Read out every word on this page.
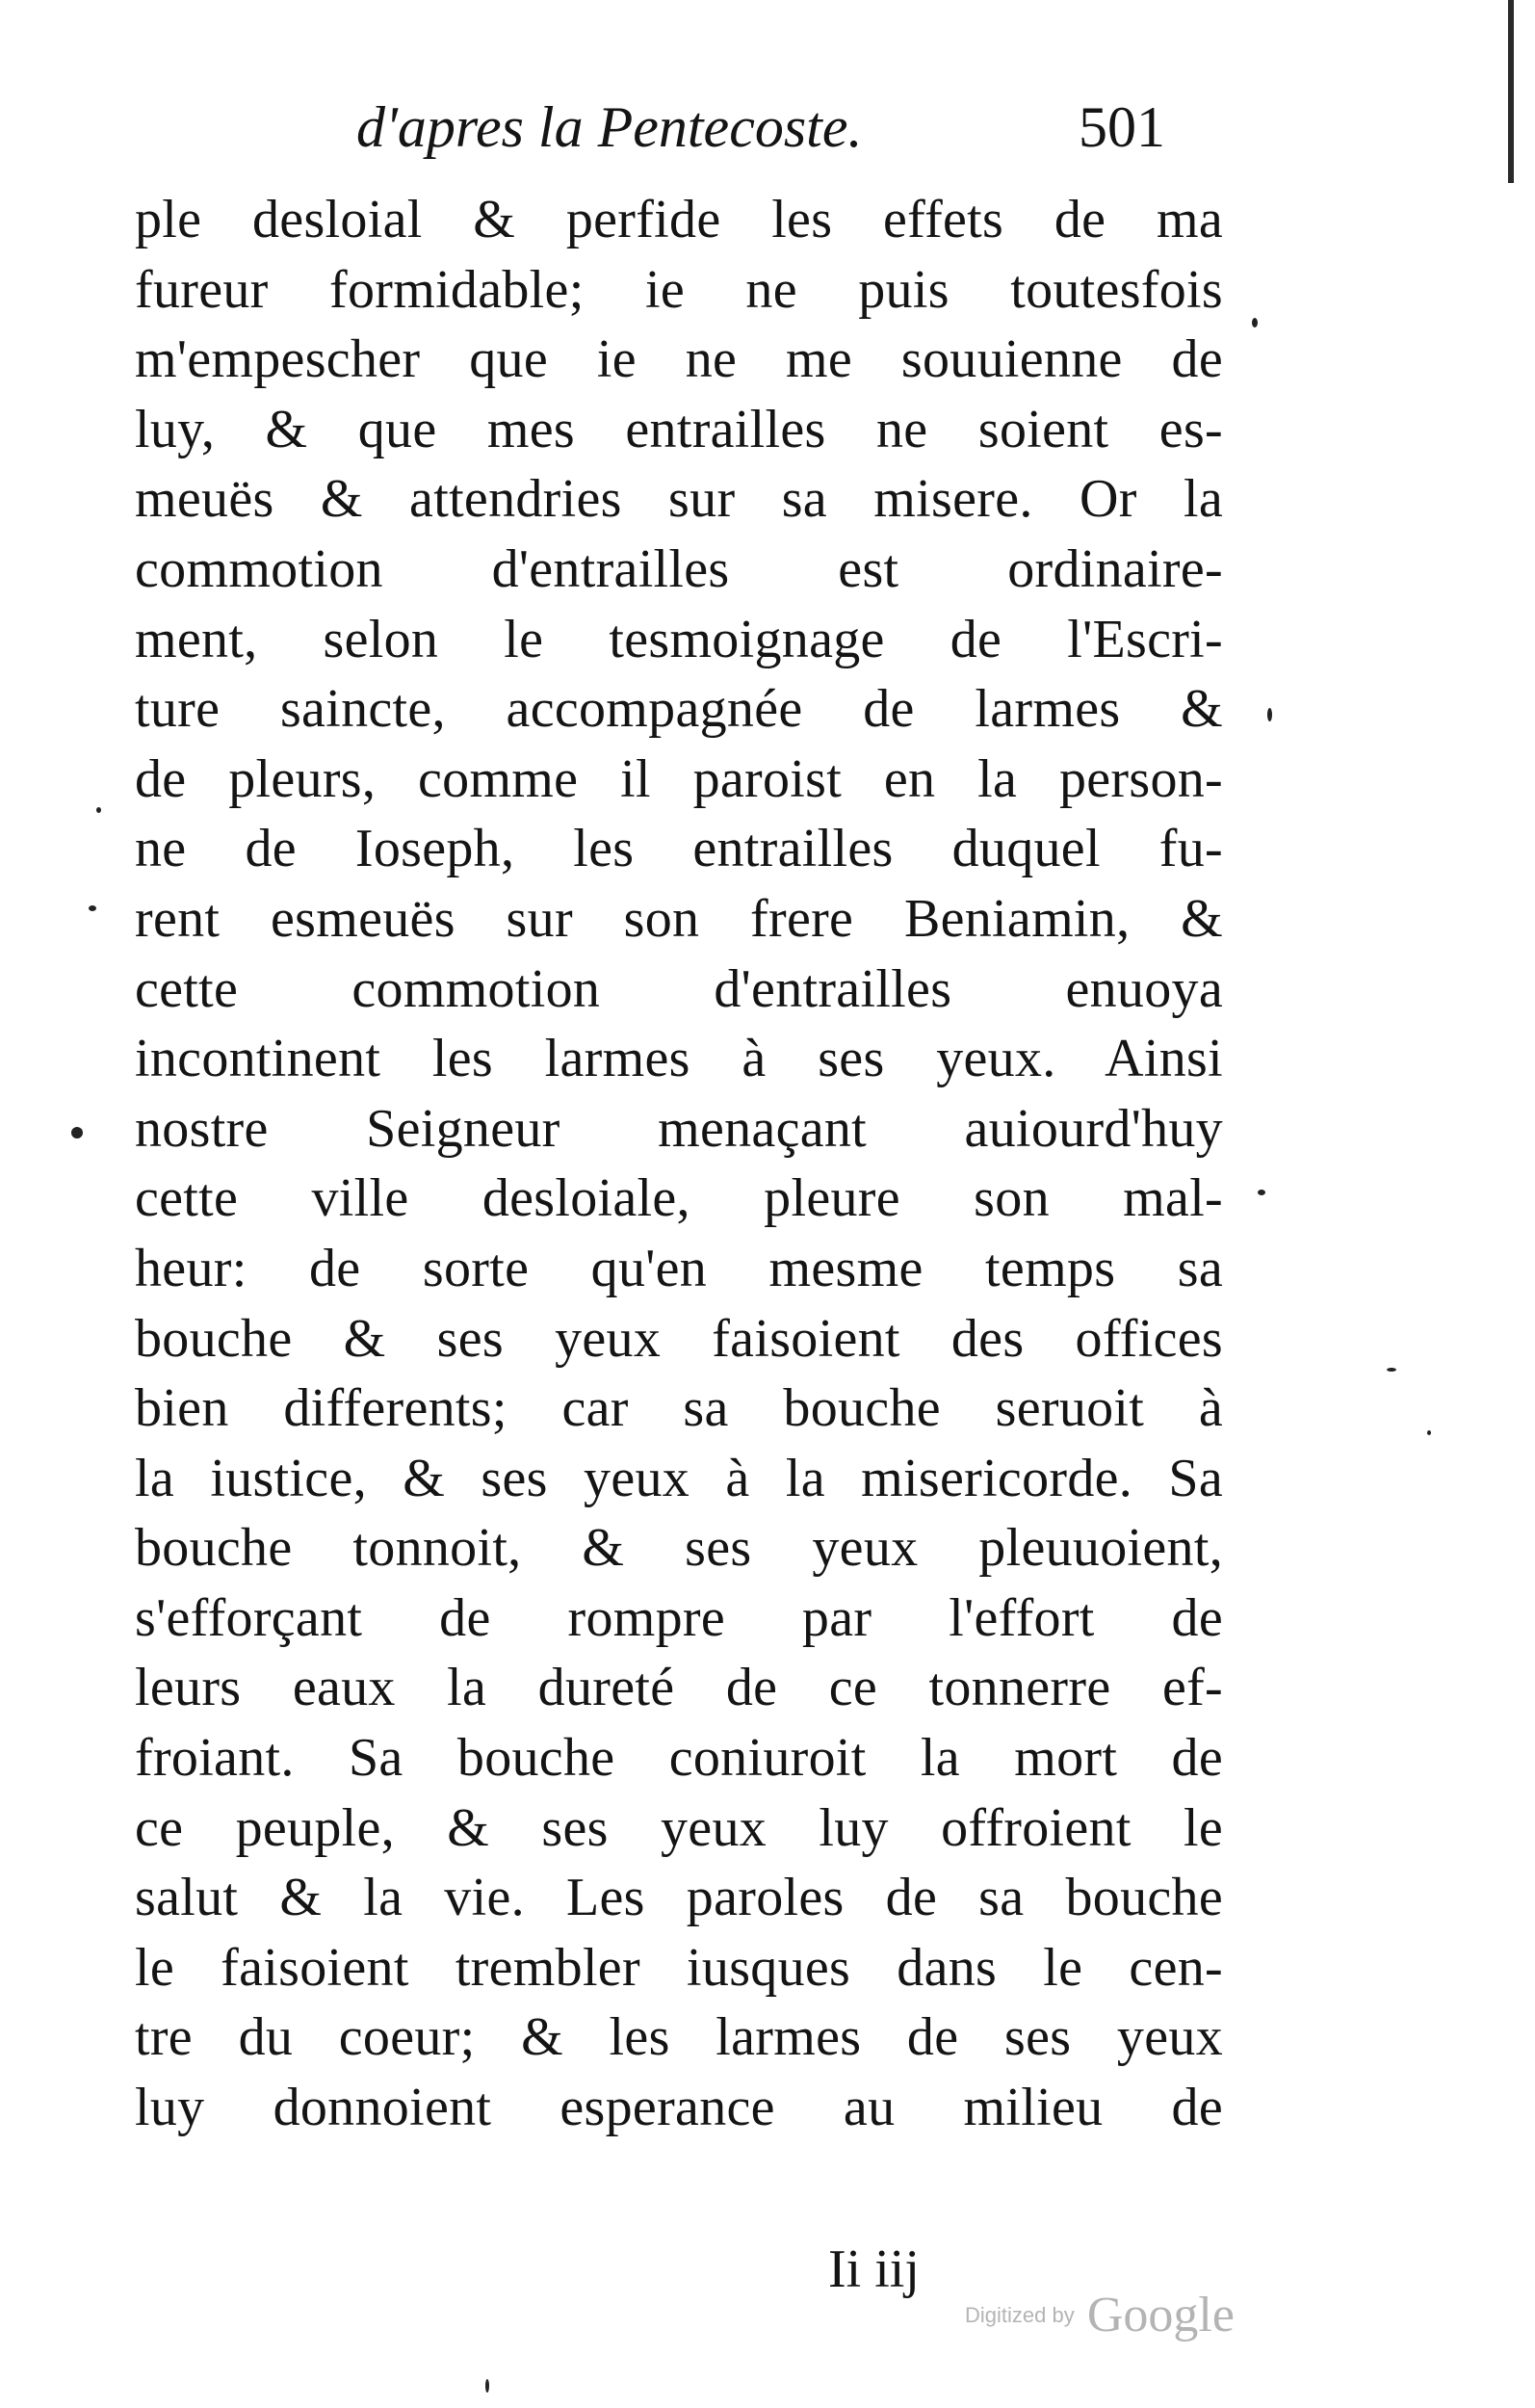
d'apres la Pentecoste.	501
ple desloial & perfide les effets de ma
fureur formidable; ie ne puis toutesfois
m'empescher que ie ne me souuienne de
luy, & que mes entrailles ne soient es-
meuës & attendries sur sa misere. Or la
commotion d'entrailles est ordinaire-
ment, selon le tesmoignage de l'Escri-
ture saincte, accompagnée de larmes &
de pleurs, comme il paroist en la person-
ne de Ioseph, les entrailles duquel fu-
rent esmeuës sur son frere Beniamin, &
cette commotion d'entrailles enuoya
incontinent les larmes à ses yeux. Ainsi
nostre Seigneur menaçant auiourd'huy
cette ville desloiale, pleure son mal-
heur: de sorte qu'en mesme temps sa
bouche & ses yeux faisoient des offices
bien differents; car sa bouche seruoit à
la iustice, & ses yeux à la misericorde. Sa
bouche tonnoit, & ses yeux pleuuoient,
s'efforçant de rompre par l'effort de
leurs eaux la dureté de ce tonnerre ef-
froiant. Sa bouche coniuroit la mort de
ce peuple, & ses yeux luy offroient le
salut & la vie. Les paroles de sa bouche
le faisoient trembler iusques dans le cen-
tre du coeur; & les larmes de ses yeux
luy donnoient esperance au milieu de
Ii iij
Digitized by Google
